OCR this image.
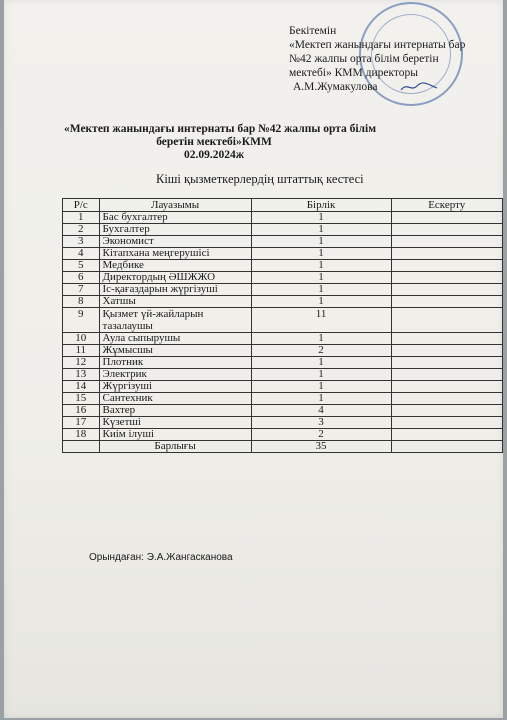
Бекітемін
«Мектеп жанындағы интернаты бар
№42 жалпы орта білім беретін
мектебі» КММ директоры
А.М.Жумакулова
«Мектеп жанындағы интернаты бар №42 жалпы орта білім
беретін мектебі»КММ
02.09.2024ж
Кіші қызметкерлердің штаттық кестесі
Р/с	Лауазымы	Бірлік	Ескерту
1	Бас бухгалтер	1	
2	Бухгалтер	1	
3	Экономист	1	
4	Кітапхана меңгерушісі	1	
5	Медбике	1	
6	Директордың ӘШЖЖО	1	
7	Іс-қағаздарын жүргізуші	1	
8	Хатшы	1	
9	Қызмет үй-жайларын тазалаушы	11	
10	Аула сыпырушы	1	
11	Жұмысшы	2	
12	Плотник	1	
13	Электрик	1	
14	Жүргізуші	1	
15	Сантехник	1	
16	Вахтер	4	
17	Күзетші	3	
18	Киім ілуші	2	
	Барлығы	35	
Орындаған: Э.А.Жангасканова
